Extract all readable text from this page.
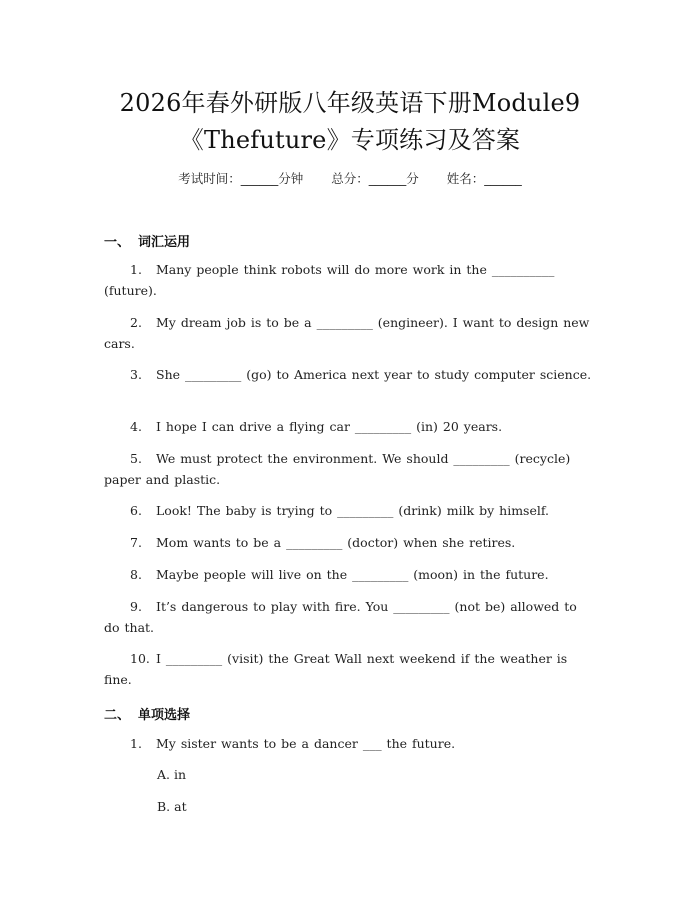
2026年春外研版八年级英语下册Module9
《Thefuture》专项练习及答案
考试时间：______分钟 总分：______分 姓名：______
一、 词汇运用
1. Many people think robots will do more work in the __________ (future).
2. My dream job is to be a _________ (engineer). I want to design new cars.
3. She _________ (go) to America next year to study computer science.
4. I hope I can drive a flying car _________ (in) 20 years.
5. We must protect the environment. We should _________ (recycle) paper and plastic.
6. Look! The baby is trying to _________ (drink) milk by himself.
7. Mom wants to be a _________ (doctor) when she retires.
8. Maybe people will live on the _________ (moon) in the future.
9. It’s dangerous to play with fire. You _________ (not be) allowed to do that.
10. I _________ (visit) the Great Wall next weekend if the weather is fine.
二、 单项选择
1. My sister wants to be a dancer ___ the future.
A. in
B. at
